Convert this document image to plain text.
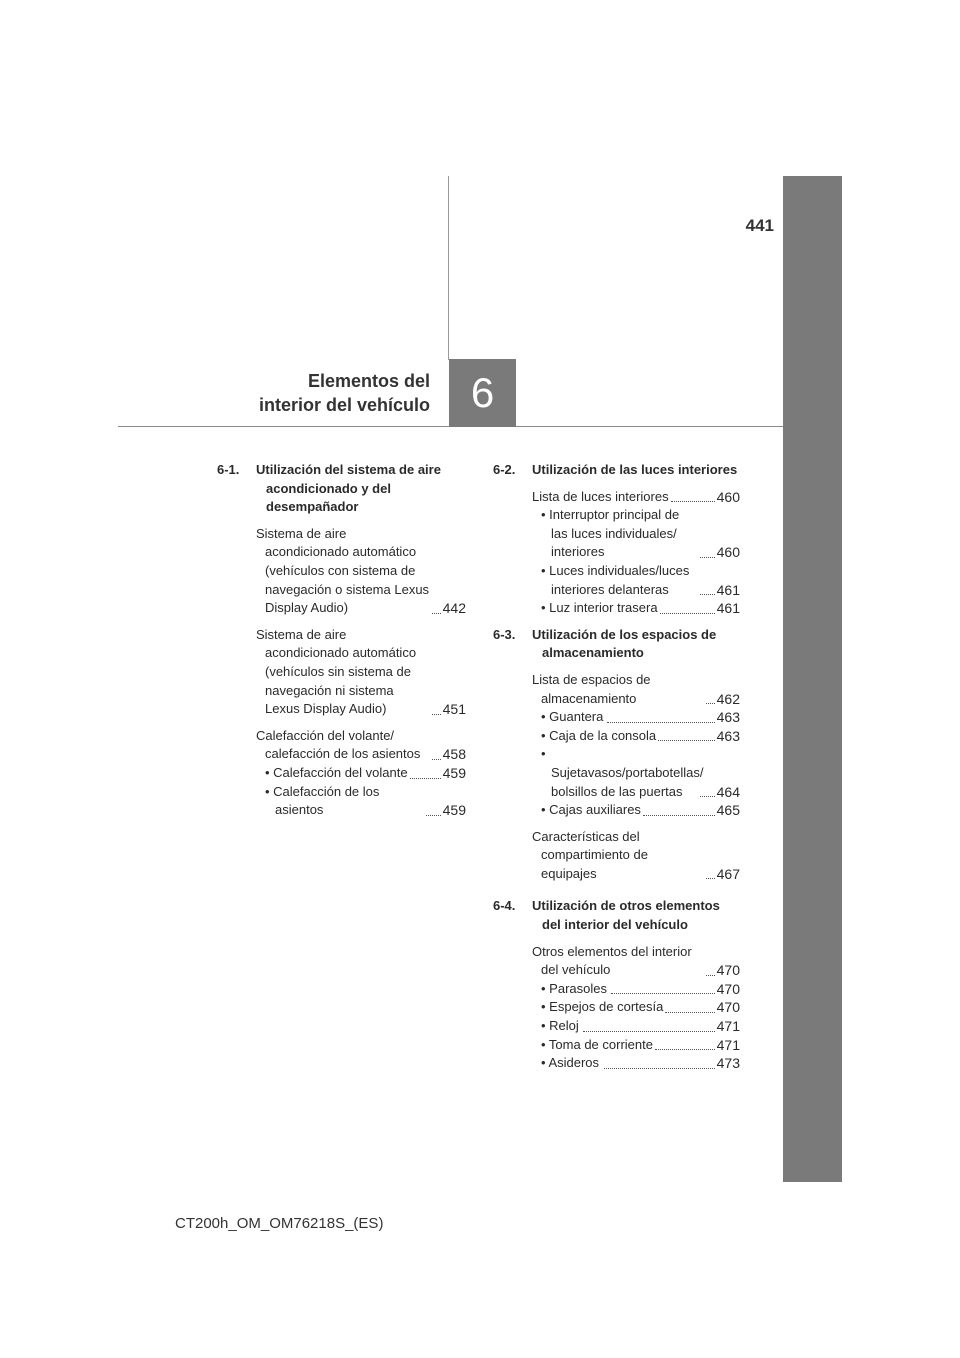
441
Elementos del
interior del vehículo 6
6-1.	Utilización del sistema de aire acondicionado y del desempañador
Sistema de aire acondicionado automático (vehículos con sistema de navegación o sistema Lexus Display Audio)	442
Sistema de aire acondicionado automático (vehículos sin sistema de navegación ni sistema Lexus Display Audio)	451
Calefacción del volante/ calefacción de los asientos	458
• Calefacción del volante	459
• Calefacción de los asientos	459
6-2.	Utilización de las luces interiores
Lista de luces interiores	460
• Interruptor principal de las luces individuales/ interiores	460
• Luces individuales/luces interiores delanteras	461
• Luz interior trasera	461
6-3.	Utilización de los espacios de almacenamiento
Lista de espacios de almacenamiento	462
• Guantera	463
• Caja de la consola	463
• Sujetavasos/portabotellas/ bolsillos de las puertas	464
• Cajas auxiliares	465
Características del compartimiento de equipajes	467
6-4.	Utilización de otros elementos del interior del vehículo
Otros elementos del interior del vehículo	470
• Parasoles	470
• Espejos de cortesía	470
• Reloj	471
• Toma de corriente	471
• Asideros	473
CT200h_OM_OM76218S_(ES)
